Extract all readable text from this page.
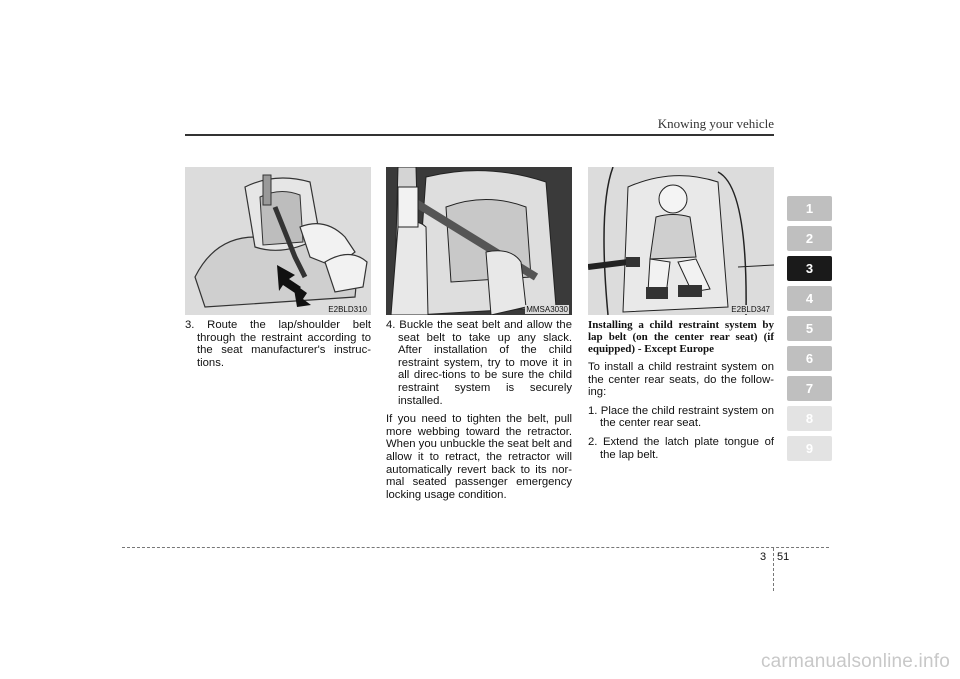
Knowing your vehicle
E2BLD310	MMSA3030	E2BLD347

3. Route the lap/shoulder belt through the restraint according to the seat manufacturer's instruc-tions.

4. Buckle the seat belt and allow the seat belt to take up any slack. After installation of the child restraint system, try to move it in all direc-tions to be sure the child restraint system is securely installed.

If you need to tighten the belt, pull more webbing toward the retractor. When you unbuckle the seat belt and allow it to retract, the retractor will automatically revert back to its nor-mal seated passenger emergency locking usage condition.

Installing a child restraint system by lap belt (on the center rear seat) (if equipped) - Except Europe

To install a child restraint system on the center rear seats, do the follow-ing:

1. Place the child restraint system on the center rear seat.

2. Extend the latch plate tongue of the lap belt.

1
2
3
4
5
6
7
8
9
3 51
carmanualsonline.info
